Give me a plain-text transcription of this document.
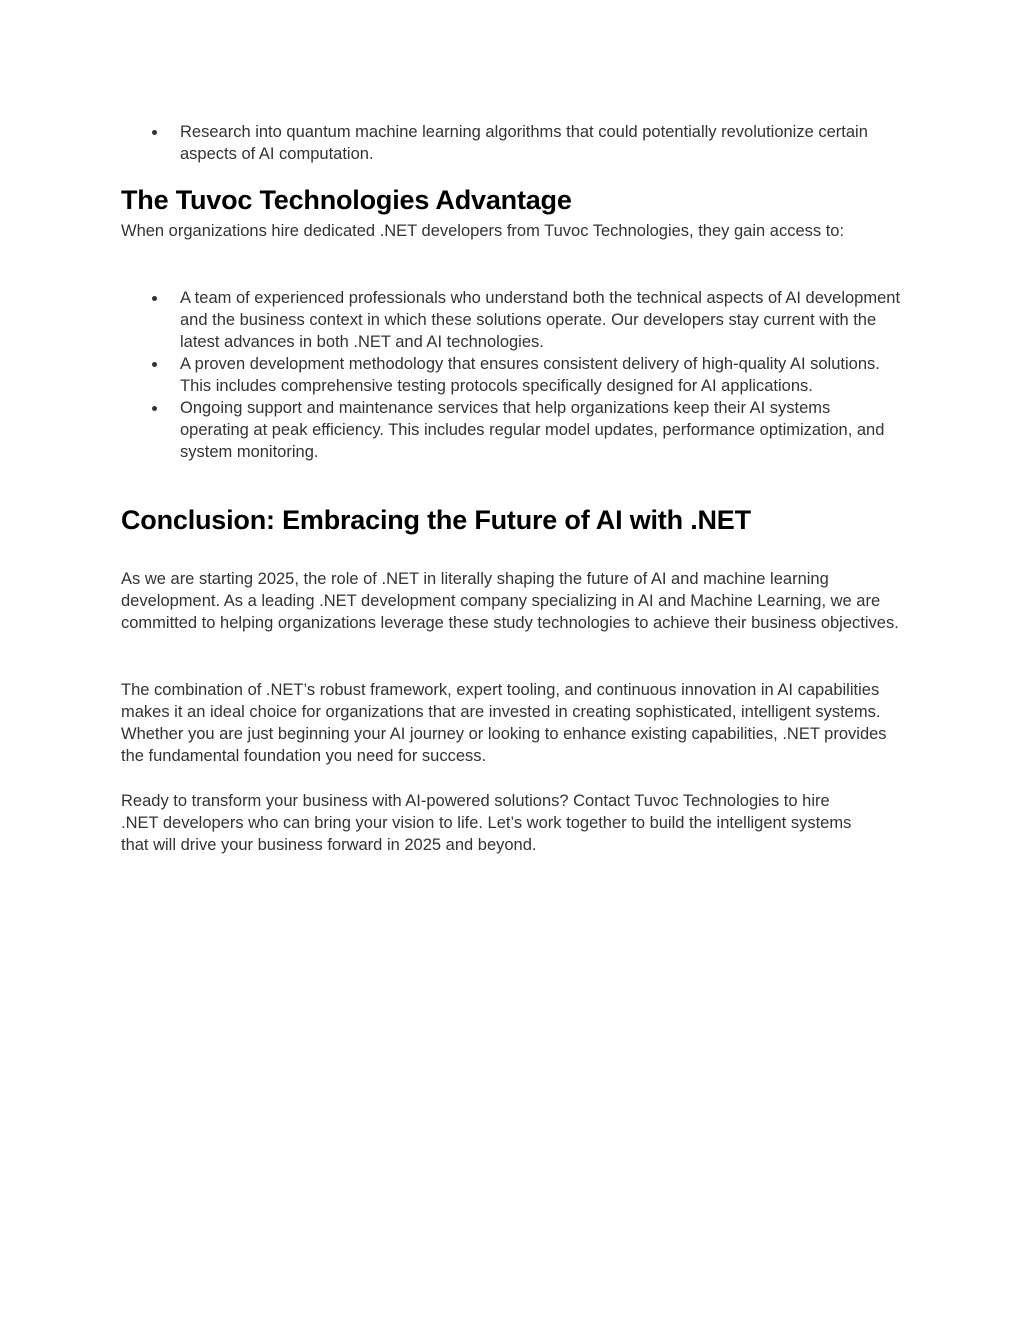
Research into quantum machine learning algorithms that could potentially revolutionize certain aspects of AI computation.
The Tuvoc Technologies Advantage

When organizations hire dedicated .NET developers from Tuvoc Technologies, they gain access to:

A team of experienced professionals who understand both the technical aspects of AI development and the business context in which these solutions operate. Our developers stay current with the latest advances in both .NET and AI technologies.
A proven development methodology that ensures consistent delivery of high-quality AI solutions. This includes comprehensive testing protocols specifically designed for AI applications.
Ongoing support and maintenance services that help organizations keep their AI systems operating at peak efficiency. This includes regular model updates, performance optimization, and system monitoring.
Conclusion: Embracing the Future of AI with .NET

As we are starting 2025, the role of .NET in literally shaping the future of AI and machine learning development. As a leading .NET development company specializing in AI and Machine Learning, we are committed to helping organizations leverage these study technologies to achieve their business objectives.

The combination of .NET’s robust framework, expert tooling, and continuous innovation in AI capabilities makes it an ideal choice for organizations that are invested in creating sophisticated, intelligent systems. Whether you are just beginning your AI journey or looking to enhance existing capabilities, .NET provides the fundamental foundation you need for success.

Ready to transform your business with AI-powered solutions? Contact Tuvoc Technologies to hire .NET developers who can bring your vision to life. Let’s work together to build the intelligent systems that will drive your business forward in 2025 and beyond.
